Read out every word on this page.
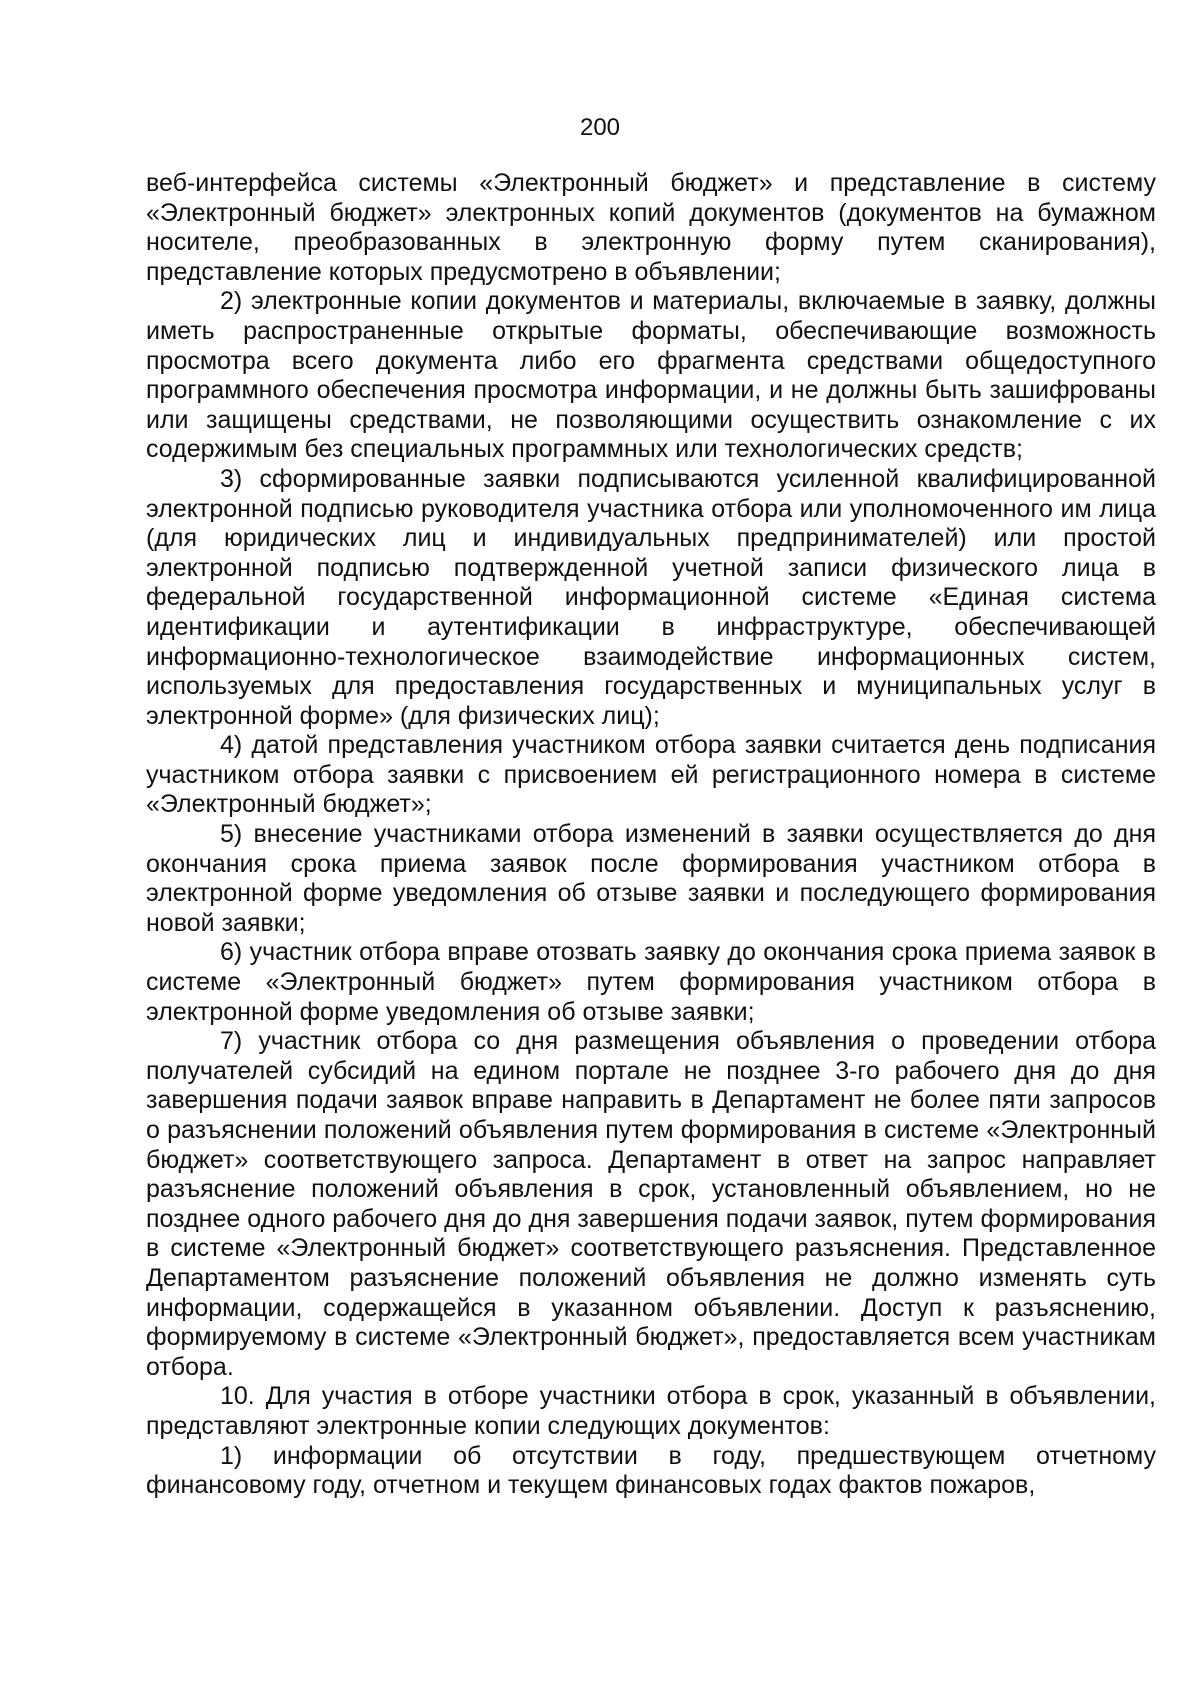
200

веб-интерфейса системы «Электронный бюджет» и представление в систему «Электронный бюджет» электронных копий документов (документов на бумажном носителе, преобразованных в электронную форму путем сканирования), представление которых предусмотрено в объявлении;

2) электронные копии документов и материалы, включаемые в заявку, должны иметь распространенные открытые форматы, обеспечивающие возможность просмотра всего документа либо его фрагмента средствами общедоступного программного обеспечения просмотра информации, и не должны быть зашифрованы или защищены средствами, не позволяющими осуществить ознакомление с их содержимым без специальных программных или технологических средств;

3) сформированные заявки подписываются усиленной квалифицированной электронной подписью руководителя участника отбора или уполномоченного им лица (для юридических лиц и индивидуальных предпринимателей) или простой электронной подписью подтвержденной учетной записи физического лица в федеральной государственной информационной системе «Единая система идентификации и аутентификации в инфраструктуре, обеспечивающей информационно-технологическое взаимодействие информационных систем, используемых для предоставления государственных и муниципальных услуг в электронной форме» (для физических лиц);

4) датой представления участником отбора заявки считается день подписания участником отбора заявки с присвоением ей регистрационного номера в системе «Электронный бюджет»;

5) внесение участниками отбора изменений в заявки осуществляется до дня окончания срока приема заявок после формирования участником отбора в электронной форме уведомления об отзыве заявки и последующего формирования новой заявки;

6) участник отбора вправе отозвать заявку до окончания срока приема заявок в системе «Электронный бюджет» путем формирования участником отбора в электронной форме уведомления об отзыве заявки;

7) участник отбора со дня размещения объявления о проведении отбора получателей субсидий на едином портале не позднее 3-го рабочего дня до дня завершения подачи заявок вправе направить в Департамент не более пяти запросов о разъяснении положений объявления путем формирования в системе «Электронный бюджет» соответствующего запроса. Департамент в ответ на запрос направляет разъяснение положений объявления в срок, установленный объявлением, но не позднее одного рабочего дня до дня завершения подачи заявок, путем формирования в системе «Электронный бюджет» соответствующего разъяснения. Представленное Департаментом разъяснение положений объявления не должно изменять суть информации, содержащейся в указанном объявлении. Доступ к разъяснению, формируемому в системе «Электронный бюджет», предоставляется всем участникам отбора.

10. Для участия в отборе участники отбора в срок, указанный в объявлении, представляют электронные копии следующих документов:

1) информации об отсутствии в году, предшествующем отчетному финансовому году, отчетном и текущем финансовых годах фактов пожаров,
